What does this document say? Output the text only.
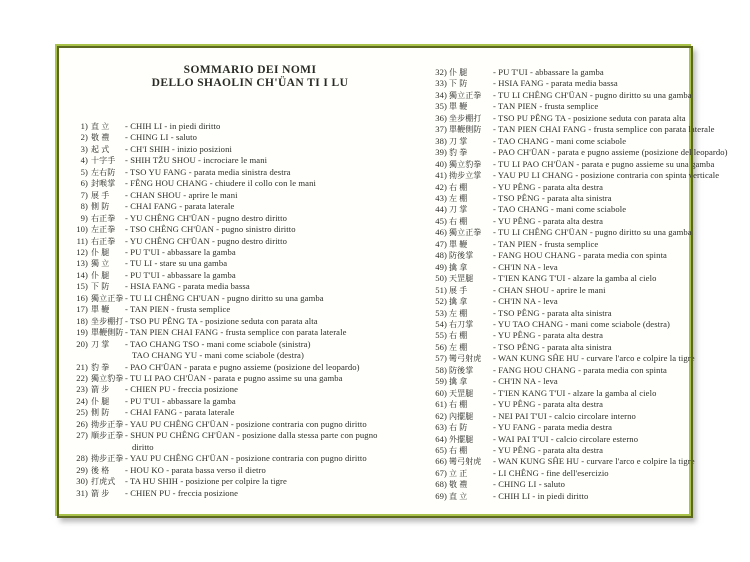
SOMMARIO DEI NOMI
DELLO SHAOLIN CH'ÜAN TI I LU
1) 直 立	- CHIH LI - in piedi diritto
2) 敬 禮	- CHING LI - saluto
3) 起 式	- CH'I SHIH - inizio posizioni
4) 十字手	- SHIH TŽU SHOU - incrociare le mani
5) 左右防	- TSO YU FANG - parata media sinistra destra
6) 封喉掌	- FÊNG HOU CHANG - chiudere il collo con le mani
7) 展 手	- CHAN SHOU - aprire le mani
8) 側 防	- CHAI FANG - parata laterale
9) 右正拳	- YU CHÊNG CH'ÜAN - pugno destro diritto
10) 左正拳	- TSO CHÊNG CH'ÜAN - pugno sinistro diritto
11) 右正拳	- YU CHÊNG CH'ÜAN - pugno destro diritto
12) 仆 腿	- PU T'UI - abbassare la gamba
13) 獨 立	- TU LI - stare su una gamba
14) 仆 腿	- PU T'UI - abbassare la gamba
15) 下 防	- HSIA FANG - parata media bassa
16) 獨立正拳 - TU LI CHÊNG CH'UAN - pugno diritto su una gamba
17) 單 鞭	- TAN PIEN - frusta semplice
18) 坐步棚打 - TSO PU PÊNG TA - posizione seduta con parata alta
19) 單鞭側防 - TAN PIEN CHAI FANG - frusta semplice con parata laterale
20) 刀 掌	- TAO CHANG TSO - mani come sciabole (sinistra)
TAO CHANG YU - mani come sciabole (destra)
21) 豹 拳	- PAO CH'ÜAN - parata e pugno assieme (posizione del leopardo)
22) 獨立豹拳 - TU LI PAO CH'ÜAN - parata e pugno assime su una gamba
23) 箭 步	- CHIEN PU - freccia posizione
24) 仆 腿	- PU T'UI - abbassare la gamba
25) 側 防	- CHAI FANG - parata laterale
26) 拗步正拳 - YAU PU CHÊNG CH'ÜAN - posizione contraria con pugno diritto
27) 順步正拳 - SHUN PU CHÊNG CH'ÜAN - posizione dalla stessa parte con pugno
diritto
28) 拗步正拳 - YAU PU CHÊNG CH'ÜAN - posizione contraria con pugno diritto
29) 後 格	- HOU KO - parata bassa verso il dietro
30) 打虎式	- TA HU SHIH - posizione per colpire la tigre
31) 箭 步	- CHIEN PU - freccia posizione
32) 仆 腿	- PU T'UI - abbassare la gamba
33) 下 防	- HSIA FANG - parata media bassa
34) 獨立正拳	- TU LI CHÊNG CH'ÜAN - pugno diritto su una gamba
35) 單 鞭	- TAN PIEN - frusta semplice
36) 坐步棚打	- TSO PU PÊNG TA - posizione seduta con parata alta
37) 單鞭側防	- TAN PIEN CHAI FANG - frusta semplice con parata laterale
38) 刀 掌	- TAO CHANG - mani come sciabole
39) 豹 拳	- PAO CH'ÜAN - parata e pugno assieme (posizione del leopardo)
40) 獨立豹拳	- TU LI PAO CH'ÜAN - parata e pugno assieme su una gamba
41) 拗步立掌	- YAU PU LI CHANG - posizione contraria con spinta verticale
42) 右 棚	- YU PÊNG - parata alta destra
43) 左 棚	- TSO PÊNG - parata alta sinistra
44) 刀 掌	- TAO CHANG - mani come sciabole
45) 右 棚	- YU PÊNG - parata alta destra
46) 獨立正拳	- TU LI CHÊNG CH'ÜAN - pugno diritto su una gamba
47) 單 鞭	- TAN PIEN - frusta semplice
48) 防後掌	- FANG HOU CHANG - parata media con spinta
49) 擒 拿	- CH'IN NA - leva
50) 天罡腿	- T'IEN KANG T'UI - alzare la gamba al cielo
51) 展 手	- CHAN SHOU - aprire le mani
52) 擒 拿	- CH'IN NA - leva
53) 左 棚	- TSO PÊNG - parata alta sinistra
54) 右刀掌	- YU TAO CHANG - mani come sciabole (destra)
55) 右 棚	- YU PÊNG - parata alta destra
56) 左 棚	- TSO PÊNG - parata alta sinistra
57) 彎弓射虎	- WAN KUNG SĤE HU - curvare l'arco e colpire la tigre
58) 防後掌	- FANG HOU CHANG - parata media con spinta
59) 擒 拿	- CH'IN NA - leva
60) 天罡腿	- T'IEN KANG T'UI - alzare la gamba al cielo
61) 右 棚	- YU PÊNG - parata alta destra
62) 內擺腿	- NEI PAI T'UI - calcio circolare interno
63) 右 防	- YU FANG - parata media destra
64) 外擺腿	- WAI PAI T'UI - calcio circolare esterno
65) 右 棚	- YU PÊNG - parata alta destra
66) 彎弓射虎	- WAN KUNG SĤE HU - curvare l'arco e colpire la tigre
67) 立 正	- LI CHÊNG - fine dell'esercizio
68) 敬 禮	- CHING LI - saluto
69) 直 立	- CHIH LI - in piedi diritto
